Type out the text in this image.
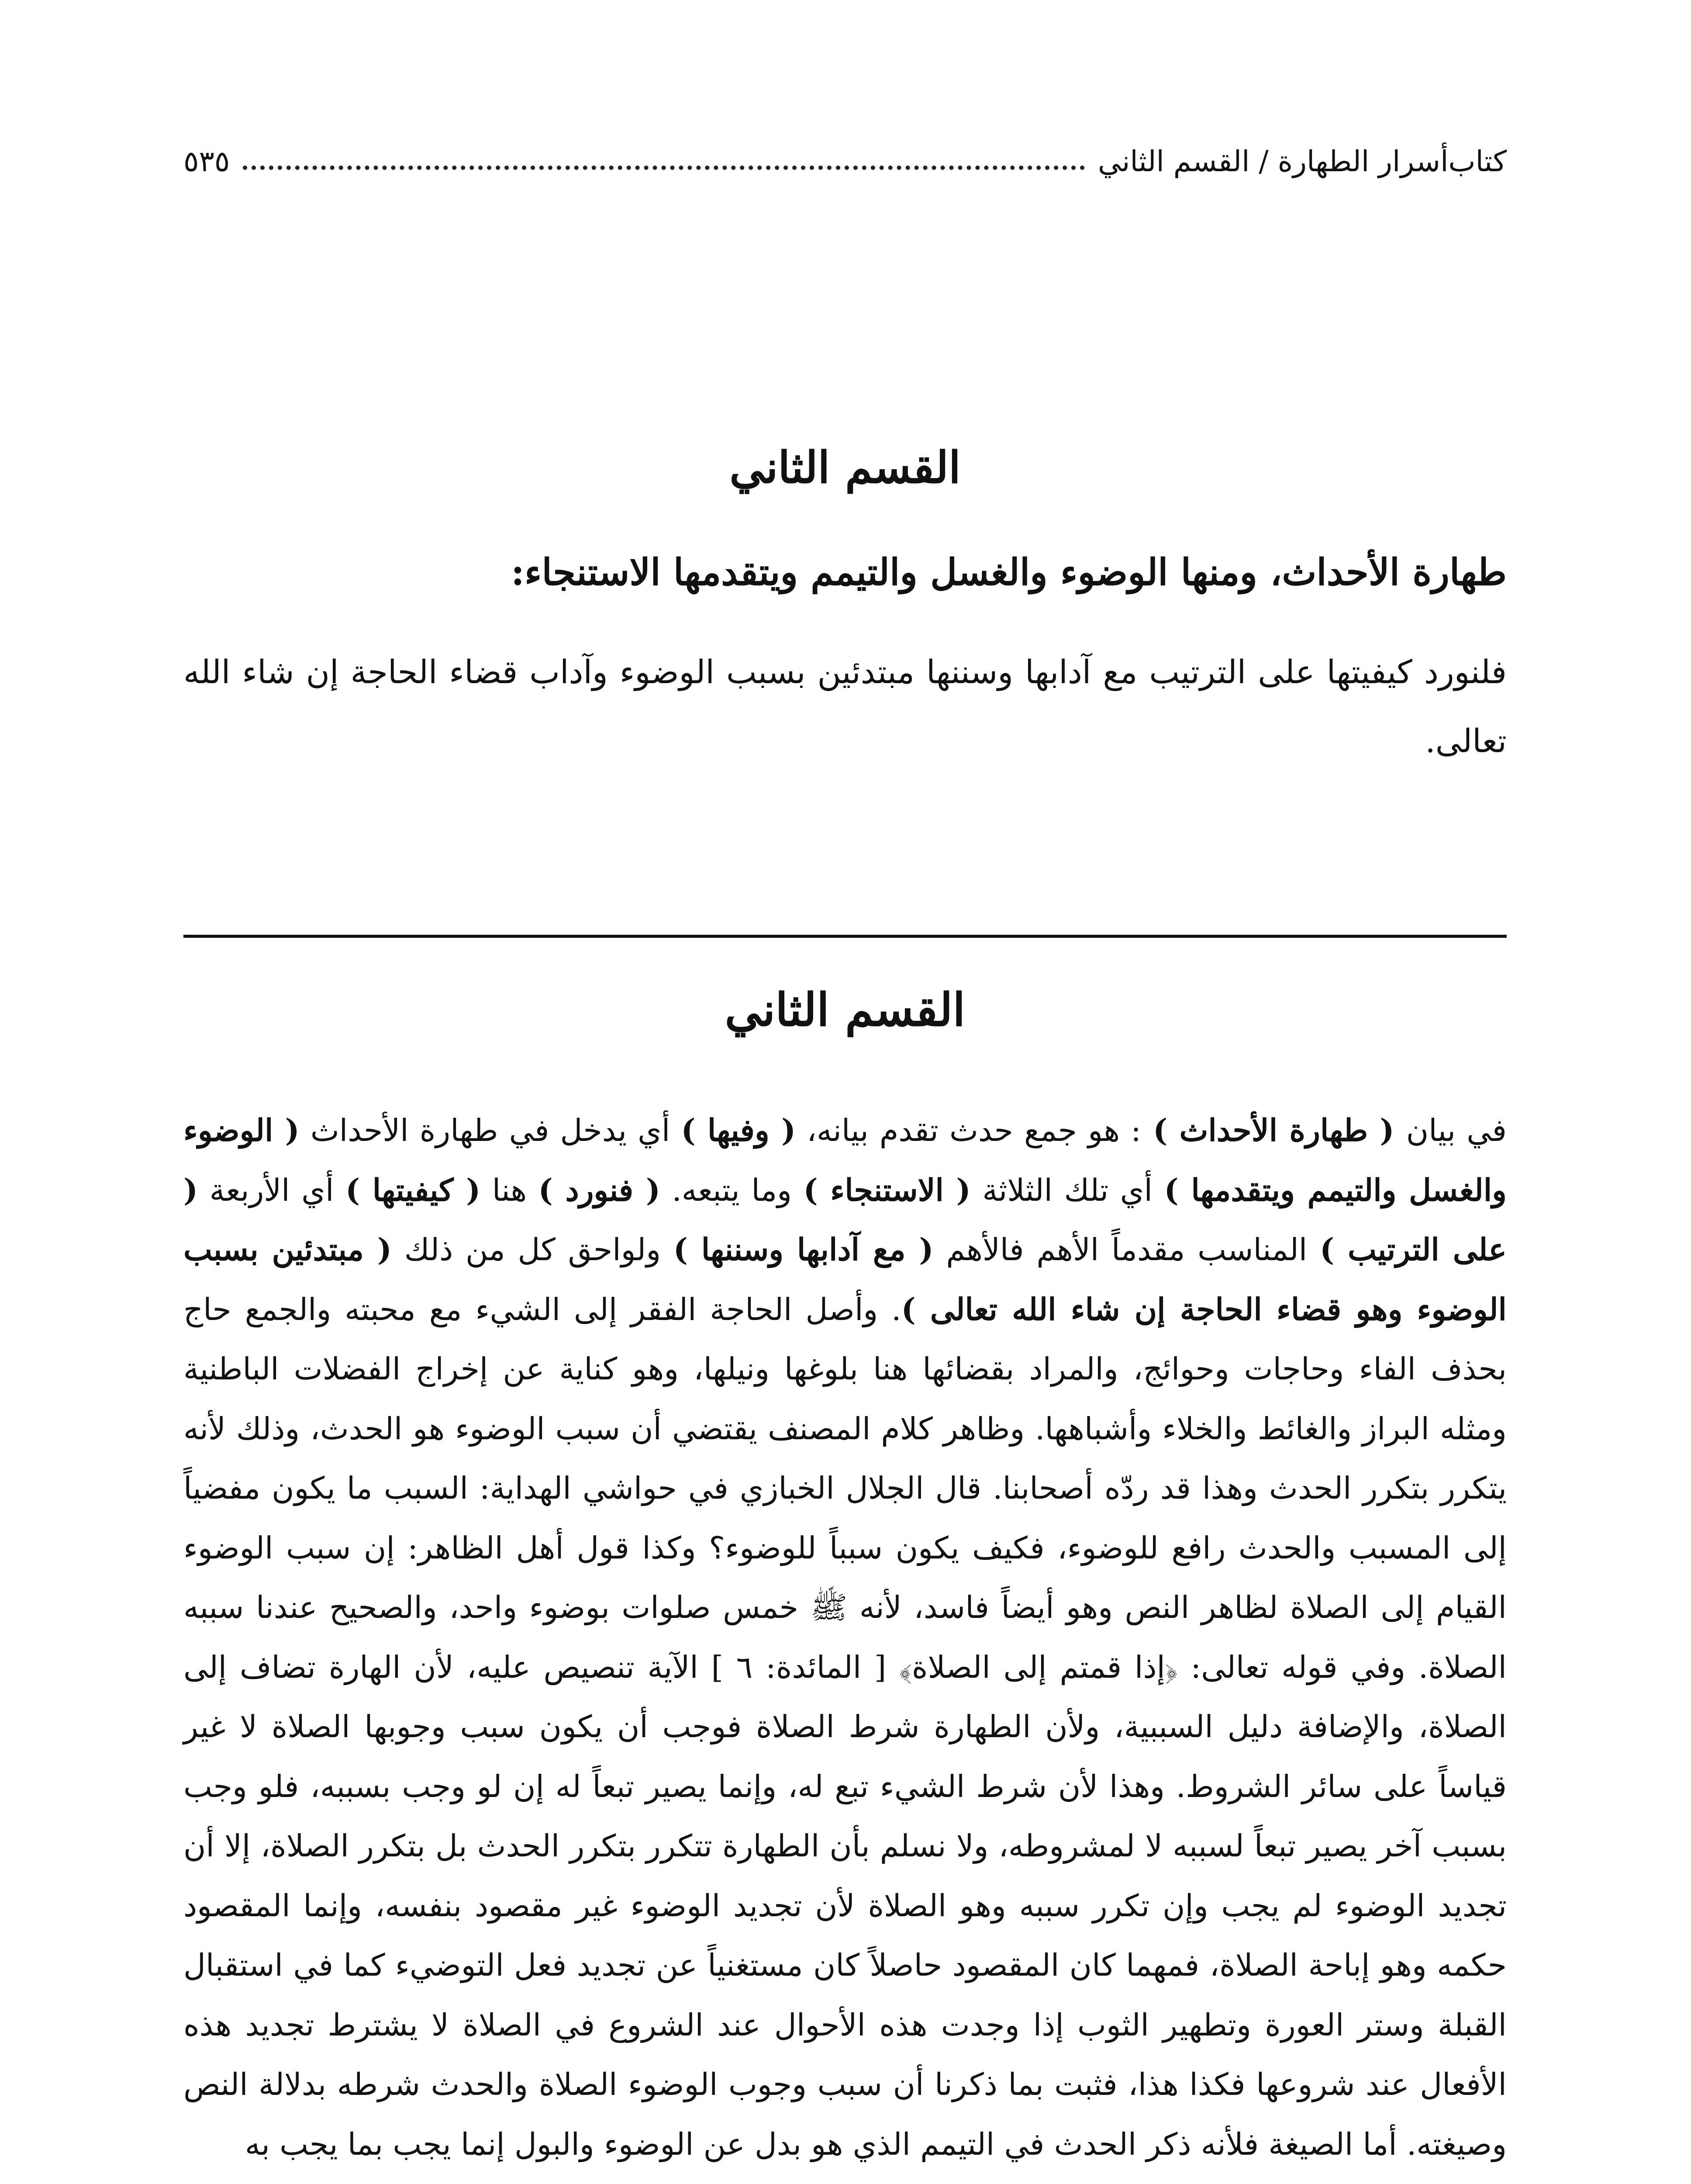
كتاب‌أسرار الطهارة / القسم الثاني
٥٣٥
القسم الثاني
طهارة الأحداث، ومنها الوضوء والغسل والتيمم ويتقدمها الاستنجاء:
فلنورد كيفيتها على الترتيب مع آدابها وسننها مبتدئين بسبب الوضوء وآداب قضاء الحاجة إن شاء الله تعالى.
القسم الثاني
في بيان ( طهارة الأحداث ) : هو جمع حدث تقدم بيانه، ( وفيها ) أي يدخل في طهارة الأحداث ( الوضوء والغسل والتيمم ويتقدمها ) أي تلك الثلاثة ( الاستنجاء ) وما يتبعه. ( فنورد ) هنا ( كيفيتها ) أي الأربعة ( على الترتيب ) المناسب مقدماً الأهم فالأهم ( مع آدابها وسننها ) ولواحق كل من ذلك ( مبتدئين بسبب الوضوء وهو قضاء الحاجة إن شاء الله تعالى ). وأصل الحاجة الفقر إلى الشيء مع محبته والجمع حاج بحذف الفاء وحاجات وحوائج، والمراد بقضائها هنا بلوغها ونيلها، وهو كناية عن إخراج الفضلات الباطنية ومثله البراز والغائط والخلاء وأشباهها. وظاهر كلام المصنف يقتضي أن سبب الوضوء هو الحدث، وذلك لأنه يتكرر بتكرر الحدث وهذا قد ردّه أصحابنا. قال الجلال الخبازي في حواشي الهداية: السبب ما يكون مفضياً إلى المسبب والحدث رافع للوضوء، فكيف يكون سبباً للوضوء؟ وكذا قول أهل الظاهر: إن سبب الوضوء القيام إلى الصلاة لظاهر النص وهو أيضاً فاسد، لأنه ﷺ خمس صلوات بوضوء واحد، والصحيح عندنا سببه الصلاة. وفي قوله تعالى: ﴿إذا قمتم إلى الصلاة﴾ [ المائدة: ٦ ] الآية تنصيص عليه، لأن الهارة تضاف إلى الصلاة، والإضافة دليل السببية، ولأن الطهارة شرط الصلاة فوجب أن يكون سبب وجوبها الصلاة لا غير قياساً على سائر الشروط. وهذا لأن شرط الشيء تبع له، وإنما يصير تبعاً له إن لو وجب بسببه، فلو وجب بسبب آخر يصير تبعاً لسببه لا لمشروطه، ولا نسلم بأن الطهارة تتكرر بتكرر الحدث بل بتكرر الصلاة، إلا أن تجديد الوضوء لم يجب وإن تكرر سببه وهو الصلاة لأن تجديد الوضوء غير مقصود بنفسه، وإنما المقصود حكمه وهو إباحة الصلاة، فمهما كان المقصود حاصلاً كان مستغنياً عن تجديد فعل التوضيء كما في استقبال القبلة وستر العورة وتطهير الثوب إذا وجدت هذه الأحوال عند الشروع في الصلاة لا يشترط تجديد هذه الأفعال عند شروعها فكذا هذا، فثبت بما ذكرنا أن سبب وجوب الوضوء الصلاة والحدث شرطه بدلالة النص وصيغته. أما الصيغة فلأنه ذكر الحدث في التيمم الذي هو بدل عن الوضوء والبول إنما يجب بما يجب به
